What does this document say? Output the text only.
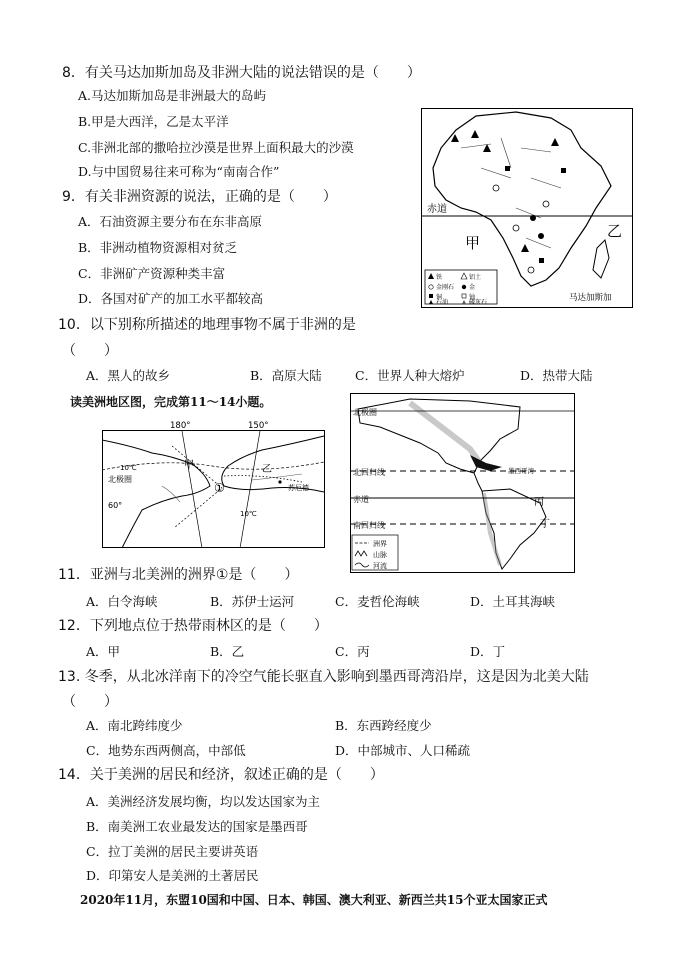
8．有关马达加斯加岛及非洲大陆的说法错误的是（　　）
A.马达加斯加岛是非洲最大的岛屿
B.甲是大西洋，乙是太平洋
C.非洲北部的撒哈拉沙漠是世界上面积最大的沙漠
D.与中国贸易往来可称为“南南合作”
9．有关非洲资源的说法，正确的是（　　）
A．石油资源主要分布在东非高原
B．非洲动植物资源相对贫乏
C．非洲矿产资源种类丰富
D．各国对矿产的加工水平都较高
10．以下别称所描述的地理事物不属于非洲的是
（　　）
A．黑人的故乡	B．高原大陆	C．世界人种大熔炉	D．热带大陆
读美洲地区图，完成第11～14小题。
赤道
甲
乙
马达加斯加
铁	铝土
金刚石 金
铜	铀
石油	磷灰石
180°	150°
北极圈
60°
10℃
10℃
甲	乙
①	苏厄德
北极圈
北回归线
赤道
南回归线
墨西哥湾
丙
丁
洲界
山脉
河流
11．亚洲与北美洲的洲界①是（　　）
A．白令海峡	B．苏伊士运河	C．麦哲伦海峡	D．土耳其海峡
12．下列地点位于热带雨林区的是（　　）
A．甲	B．乙	C．丙	D．丁
13. 冬季，从北冰洋南下的冷空气能长驱直入影响到墨西哥湾沿岸，这是因为北美大陆
（　　）
A．南北跨纬度少	B．东西跨经度少
C．地势东西两侧高，中部低	D．中部城市、人口稀疏
14．关于美洲的居民和经济，叙述正确的是（　　）
A．美洲经济发展均衡，均以发达国家为主
B．南美洲工农业最发达的国家是墨西哥
C．拉丁美洲的居民主要讲英语
D．印第安人是美洲的土著居民
2020年11月，东盟10国和中国、日本、韩国、澳大利亚、新西兰共15个亚太国家正式
